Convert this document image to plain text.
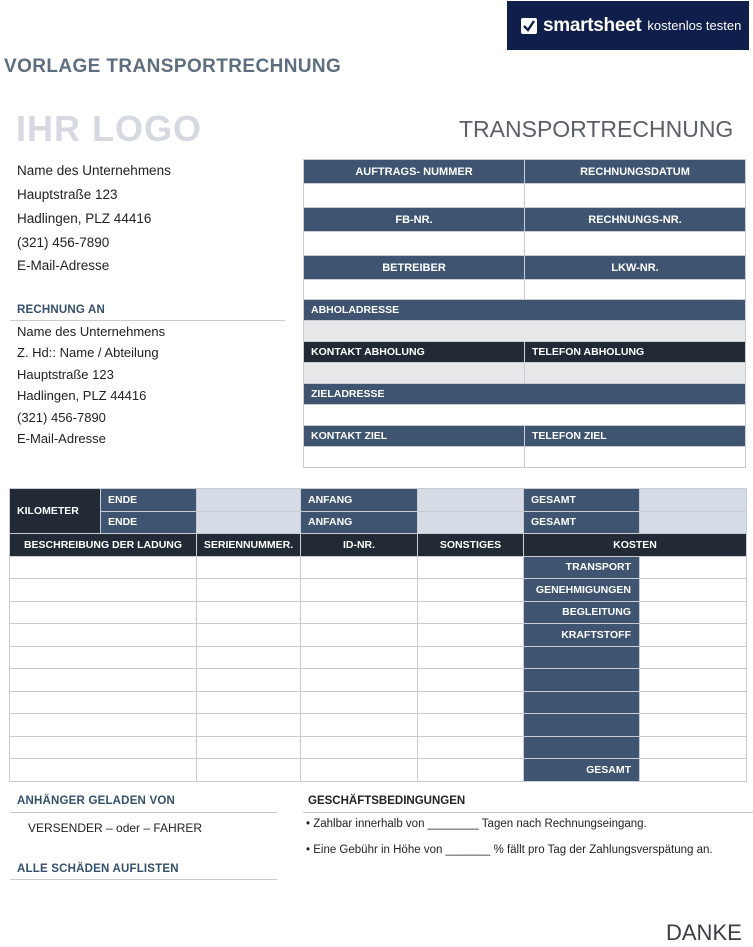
smartsheet kostenlos testen
VORLAGE TRANSPORTRECHNUNG
IHR LOGO	TRANSPORTRECHNUNG
Name des Unternehmens
Hauptstraße 123
Hadlingen, PLZ 44416
(321) 456-7890
E-Mail-Adresse
RECHNUNG AN
Name des Unternehmens
Z. Hd:: Name / Abteilung
Hauptstraße 123
Hadlingen, PLZ 44416
(321) 456-7890
E-Mail-Adresse
AUFTRAGS- NUMMER	RECHNUNGSDATUM

FB-NR.	RECHNUNGS-NR.

BETREIBER	LKW-NR.

ABHOLADRESSE	

KONTAKT ABHOLUNG	TELEFON ABHOLUNG

ZIELADRESSE	

KONTAKT ZIEL	TELEFON ZIEL

KILOMETER	ENDE		ANFANG		GESAMT	
	ENDE		ANFANG		GESAMT	
BESCHREIBUNG DER LADUNG		SERIENNUMMER.	ID-NR.	SONSTIGES	KOSTEN	
					TRANSPORT	
					GENEHMIGUNGEN	
					BEGLEITUNG	
					KRAFTSTOFF	

					GESAMT	
ANHÄNGER GELADEN VON
VERSENDER – oder – FAHRER
ALLE SCHÄDEN AUFLISTEN
GESCHÄFTSBEDINGUNGEN
• Zahlbar innerhalb von ________ Tagen nach Rechnungseingang.
• Eine Gebühr in Höhe von _______ % fällt pro Tag der Zahlungsverspätung an.
DANKE
